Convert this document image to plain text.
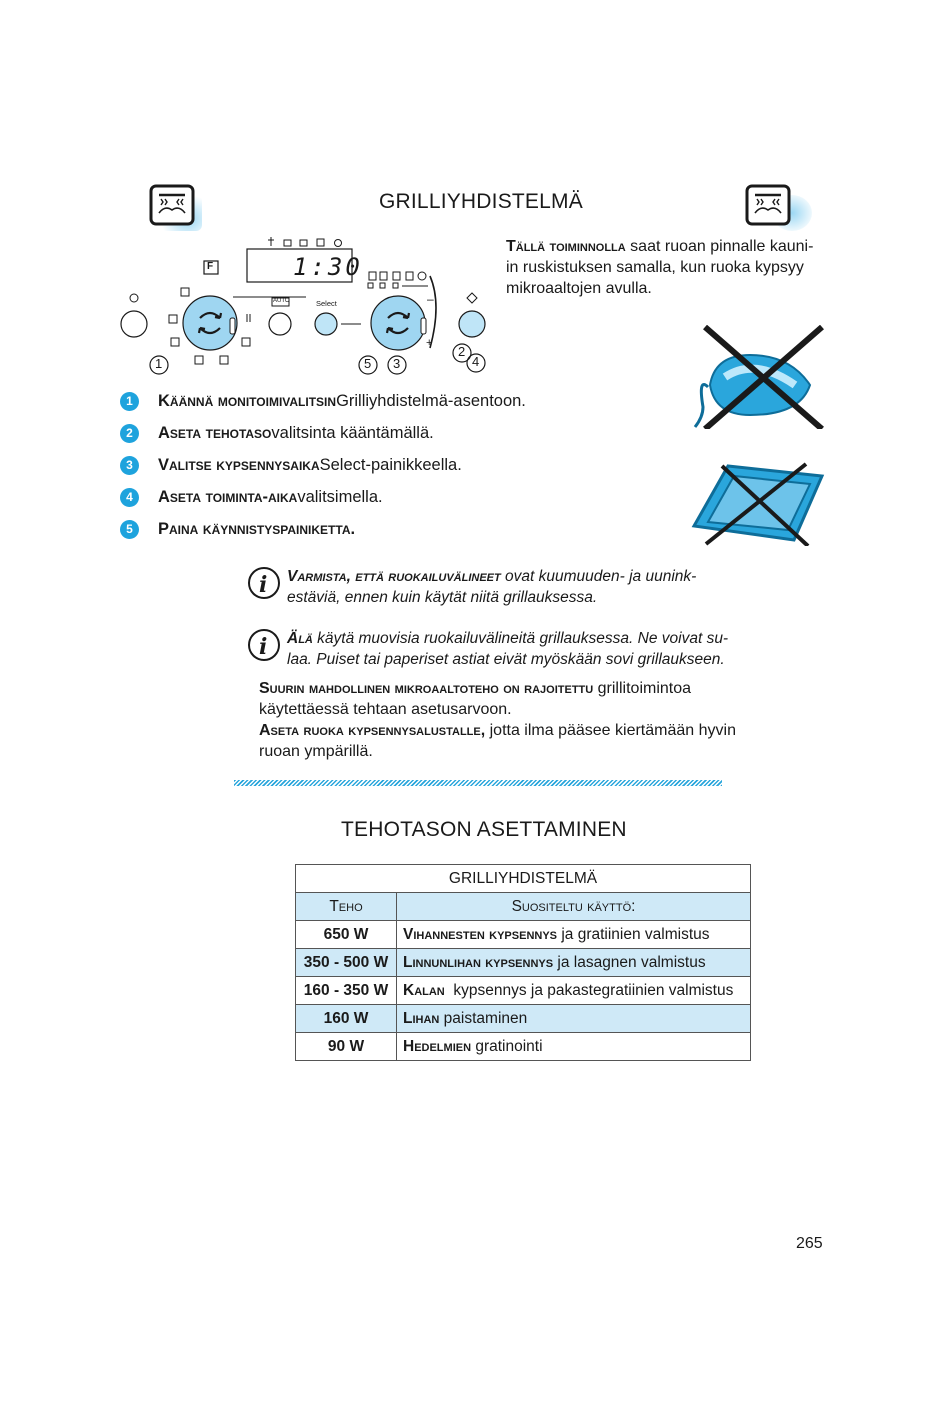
GRILLIYHDISTELMÄ
Tällä toiminnolla saat ruoan pinnalle kauni-
in ruskistuksen samalla, kun ruoka kypsyy
mikroaaltojen avulla.
1:30
F
AUTO	Select	–
+
1	5 3
2
4
1	Käännä monitoimivalitsin Grilliyhdistelmä-asentoon.
2	Aseta tehotaso valitsinta kääntämällä.
3	Valitse kypsennysaika Select-painikkeella.
4	Aseta toiminta-aika valitsimella.
5	Paina käynnistyspainiketta.
i Varmista, että ruokailuvälineet ovat kuumuuden- ja uunink-
estäviä, ennen kuin käytät niitä grillauksessa.
i Älä käytä muovisia ruokailuvälineitä grillauksessa. Ne voivat su-
laa. Puiset tai paperiset astiat eivät myöskään sovi grillaukseen.
Suurin mahdollinen mikroaaltoteho on rajoitettu grillitoimintoa
käytettäessä tehtaan asetusarvoon.
Aseta ruoka kypsennysalustalle, jotta ilma pääsee kiertämään hyvin
ruoan ympärillä.
TEHOTASON ASETTAMINEN
GRILLIYHDISTELMÄ	
Teho	Suositeltu käyttö:
650 W	Vihannesten kypsennys ja gratiinien valmistus
350 - 500 W	Linnunlihan kypsennys ja lasagnen valmistus
160 - 350 W	Kalan  kypsennys ja pakastegratiinien valmistus
160 W	Lihan paistaminen
90 W	Hedelmien gratinointi
265
